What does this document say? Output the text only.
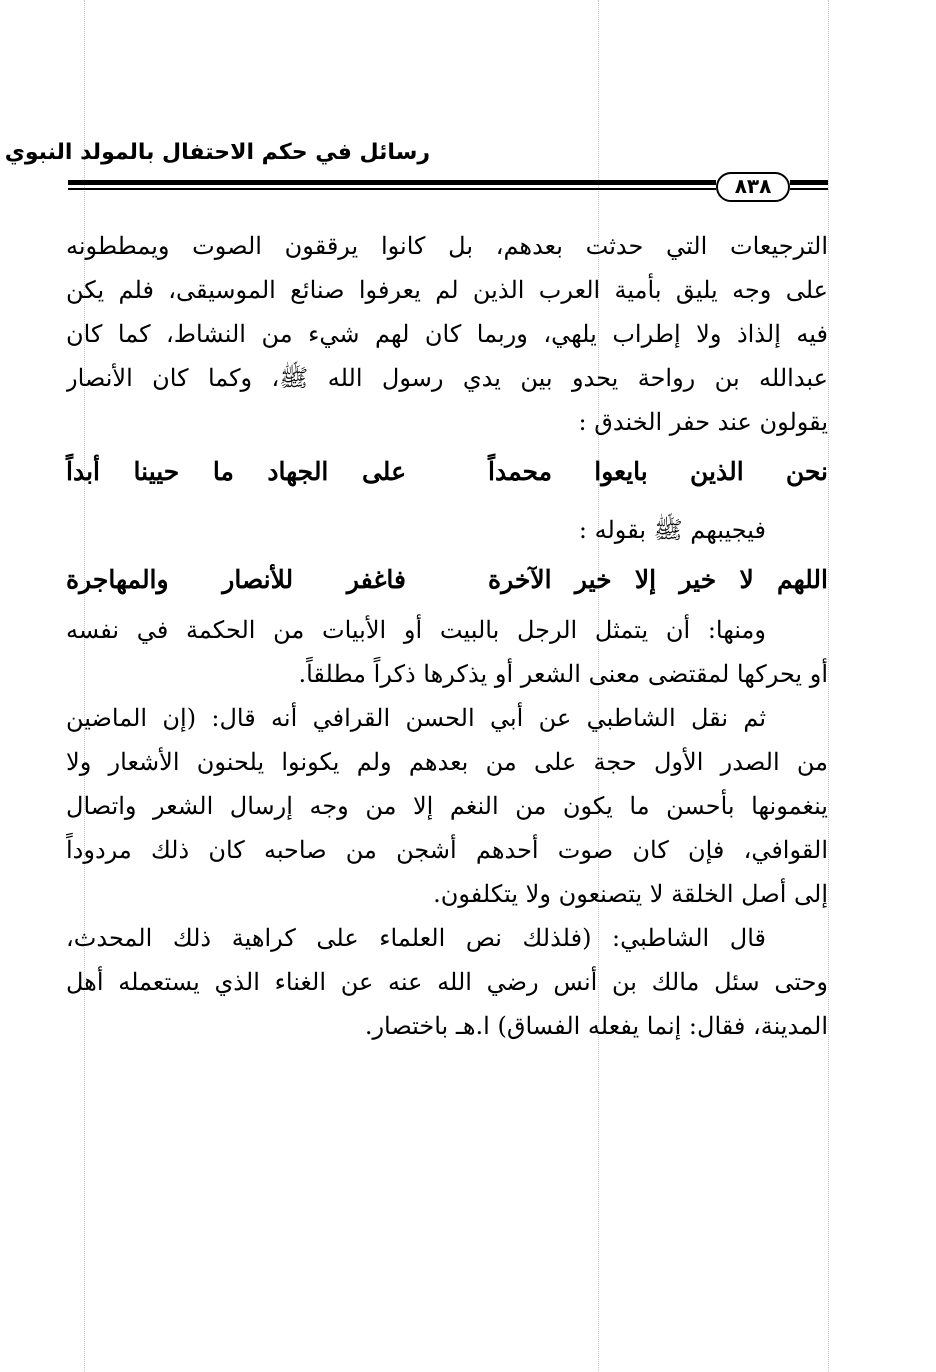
رسائل في حكم الاحتفال بالمولد النبوي
٨٣٨
الترجيعات التي حدثت بعدهم، بل كانوا يرققون الصوت ويمططونه
على وجه يليق بأمية العرب الذين لم يعرفوا صنائع الموسيقى، فلم يكن
فيه إلذاذ ولا إطراب يلهي، وربما كان لهم شيء من النشاط، كما كان
عبدالله بن رواحة يحدو بين يدي رسول الله ﷺ، وكما كان الأنصار
يقولون عند حفر الخندق :
نحن الذين بايعوا محمداً
على الجهاد ما حيينا أبداً
فيجيبهم ﷺ بقوله :
اللهم لا خير إلا خير الآخرة
فاغفر للأنصار والمهاجرة
ومنها: أن يتمثل الرجل بالبيت أو الأبيات من الحكمة في نفسه
أو يحركها لمقتضى معنى الشعر أو يذكرها ذكراً مطلقاً.
ثم نقل الشاطبي عن أبي الحسن القرافي أنه قال: (إن الماضين
من الصدر الأول حجة على من بعدهم ولم يكونوا يلحنون الأشعار ولا
ينغمونها بأحسن ما يكون من النغم إلا من وجه إرسال الشعر واتصال
القوافي، فإن كان صوت أحدهم أشجن من صاحبه كان ذلك مردوداً
إلى أصل الخلقة لا يتصنعون ولا يتكلفون.
قال الشاطبي: (فلذلك نص العلماء على كراهية ذلك المحدث،
وحتى سئل مالك بن أنس رضي الله عنه عن الغناء الذي يستعمله أهل
المدينة، فقال: إنما يفعله الفساق) ا.هـ باختصار.
